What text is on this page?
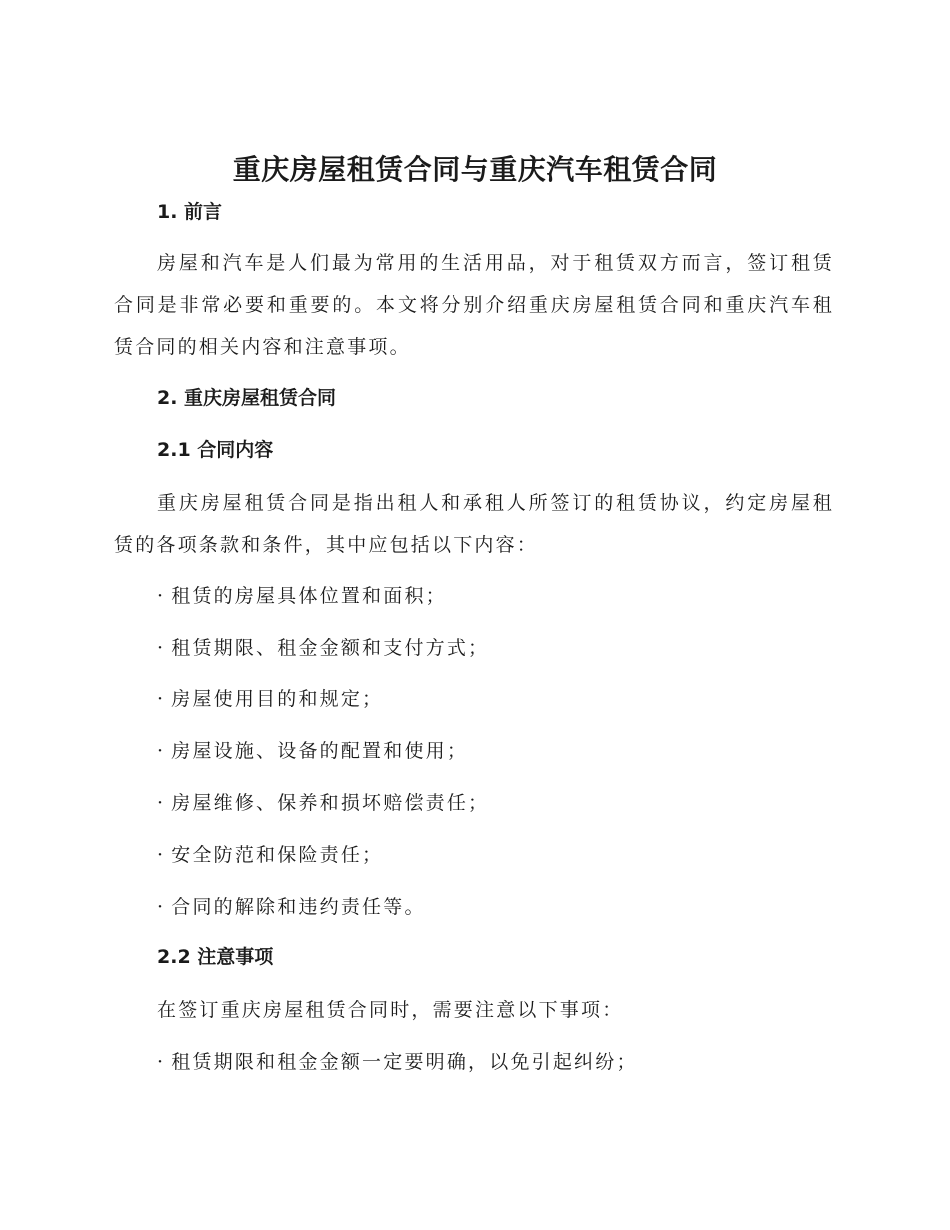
重庆房屋租赁合同与重庆汽车租赁合同
1. 前言

房屋和汽车是人们最为常用的生活用品，对于租赁双方而言，签订租赁合同是非常必要和重要的。本文将分别介绍重庆房屋租赁合同和重庆汽车租赁合同的相关内容和注意事项。

2. 重庆房屋租赁合同
2.1 合同内容

重庆房屋租赁合同是指出租人和承租人所签订的租赁协议，约定房屋租赁的各项条款和条件，其中应包括以下内容：

· 租赁的房屋具体位置和面积；
· 租赁期限、租金金额和支付方式；
· 房屋使用目的和规定；
· 房屋设施、设备的配置和使用；
· 房屋维修、保养和损坏赔偿责任；
· 安全防范和保险责任；
· 合同的解除和违约责任等。
2.2 注意事项
在签订重庆房屋租赁合同时，需要注意以下事项：
· 租赁期限和租金金额一定要明确，以免引起纠纷；
